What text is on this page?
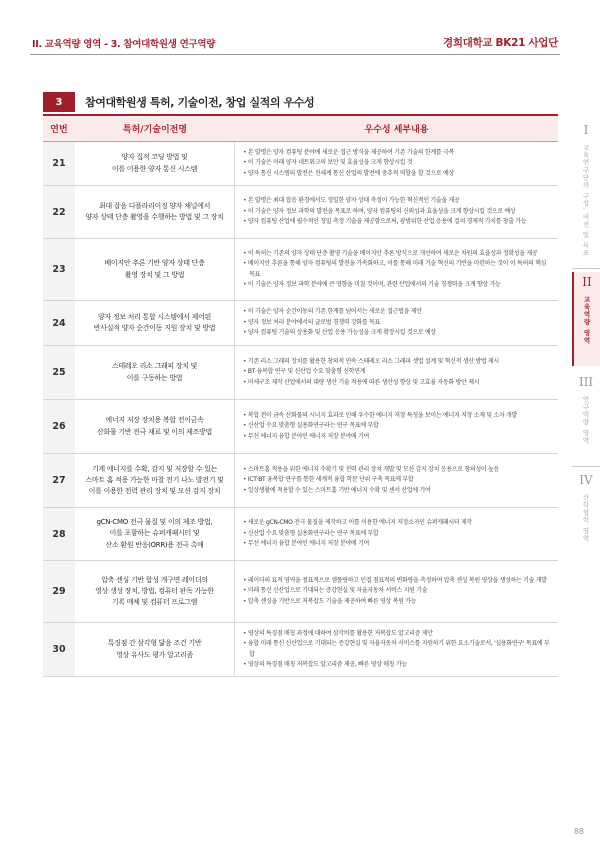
II. 교육역량 영역 - 3. 참여대학원생 연구역량	경희대학교 BK21 사업단
3	참여대학원생 특허, 기술이전, 창업 실적의 우수성
연번	특허/기술이전명	우수성 세부내용
21
양자 집적 코딩 방법 및
이를 이용한 양자 통신 시스템
• 본 발명은 양자 컴퓨팅 분야에 새로운 접근 방식을 제공하여 기존 기술의 한계를 극복
• 이 기술은 미래 양자 네트워크의 보안 및 효율성을 크게 향상시킬 것
• 양자 통신 시스템의 발전은 전세계 통신 산업의 발전에 중추적 역할을 할 것으로 예상
22
최대 잡음 디플라리이징 양자 채널에서
양자 상태 단층 촬영을 수행하는 방법 및 그 장치
• 본 발명은 최대 잡음 환경에서도 정밀한 양자 상태 측정이 가능한 혁신적인 기술을 제공
• 이 기술은 양자 정보 과학의 발전을 목표로 하며, 양자 컴퓨팅의 신뢰성과 효율성을 크게 향상시킬 것으로 예상
• 양자 컴퓨팅 산업에 필수적인 정밀 측정 기술을 제공함으로써, 광범위한 산업 응용에 걸쳐 경제적 가치를 창출 가능
23
베이지안 추론 기반 양자 상태 단층
촬영 장치 및 그 방법
• 이 특허는 기존의 양자 상태 단층 촬영 기술을 베이지안 추론 방식으로 개선하여 새로운 차원의 효율성과 정확성을 제공
• 베이지안 추론을 통해 양자 컴퓨팅의 발전을 가속화하고, 이를 통해 미래 기술 혁신의 기반을 마련하는 것이 이 특허의 핵심 목표
• 이 기술은 양자 정보 과학 분야에 큰 영향을 미칠 것이며, 관련 산업에서의 기술 경쟁력을 크게 향상 가능
24
양자 정보 처리 통합 시스템에서 제어된
반사실적 양자 순간이동 지원 장치 및 방법
• 이 기술은 양자 순간이동의 기존 한계를 넘어서는 새로운 접근법을 제안
• 양자 정보 처리 분야에서의 글로벌 경쟁력 강화를 목표
• 양자 컴퓨팅 기술의 상용화 및 산업 응용 가능성을 크게 확장시킬 것으로 예상
25
스테레오 리소 그래피 장치 및
이를 구동하는 방법
• 기존 리소 그래피 장치를 활용한 창의적 연속 스테레오 리소 그래피 셋업 설계 및 혁신적 생산 방법 제시
• BT 융복합 연구 및 신산업 수요 맞춤형 신학연계
• 미세구조 제작 산업에서의 대량 생산 기술 적용에 따른 생산성 향상 및 고효율 자동화 방안 제시
26
에너지 저장 장치용 복합 전이금속
산화물 기반 전극 재료 및 이의 제조방법
• 복합 전이 금속 산화물의 시너지 효과로 인해 우수한 에너지 저장 특성을 보이는 에너지 저장 소재 및 소자 개발
• 신산업 수요 맞춤형 실용화연구라는 연구 목표에 부합
• 무선 에너지 융합 분야인 에너지 저장 분야에 기여
27
기계 에너지를 수확, 감지 및 저장할 수 있는
스마트 홈 적용 가능한 마찰 전기 나노 발전기 및
이를 이용한 전력 관리 장치 및 모션 감지 장치
• 스마트홈 적용을 위한 에너지 수확기 및 전력 관리 장치 개발 및 모션 감지 장치 응용으로 창의성이 높음
• ICT·BT 융복합 연구를 통한 세계적 융합 학문 단위 구축 목표에 부합
• 일상생활에 적용할 수 있는 스마트홈 기반 에너지 수확 및 센서 산업에 기여
28
gCN-CMO 전극 물질 및 이의 제조 방법,
이를 포함하는 슈퍼캐패시터 및
산소 환원 반응(ORR)용 전극 촉매
• 새로운 gCN-CMO 전극 물질을 제작하고 이를 이용한 에너지 저장소자인 슈퍼캐패시터 제작
• 신산업 수요 맞춤형 실용화연구라는 연구 목표에 부합
• 무선 에너지 융합 분야인 에너지 저장 분야에 기여
29
압축 센싱 기반 합성 개구면 레이더의
영상 생성 장치, 방법, 컴퓨터 판독 가능한
기록 매체 및 컴퓨터 프로그램
• 레이더의 표적 영역을 점표적으로 샘플링하고 인접 점표적의 변화량을 측정하여 압축 센싱 복원 영상을 생성하는 기술 개발
• 미래 통신 신산업으로 기대되는 증강현실 및 자율자동차 서비스 지원 기술
• 압축 센싱을 기반으로 저복잡도 기술을 제공하여 빠른 영상 복원 가능
30
특징점 간 삼각형 닮음 조건 기반
영상 유사도 평가 알고리즘
• 영상의 특징점 매칭 과정에 대하여 삼각비를 활용한 저복잡도 알고리즘 제안
• 융합 미래 통신 신산업으로 기대되는 증강현실 및 자율자동차 서비스를 지원하기 위한 요소기술로서, '실용화연구' 목표에 부합
• 영상의 특징점 매칭 저복잡도 알고리즘 제공, 빠른 영상 매칭 가능
I
교육연구단의 구성, 비전 및 목표
II
교육역량 영역
III
연구역량 영역
IV
산학협력 영역
88
